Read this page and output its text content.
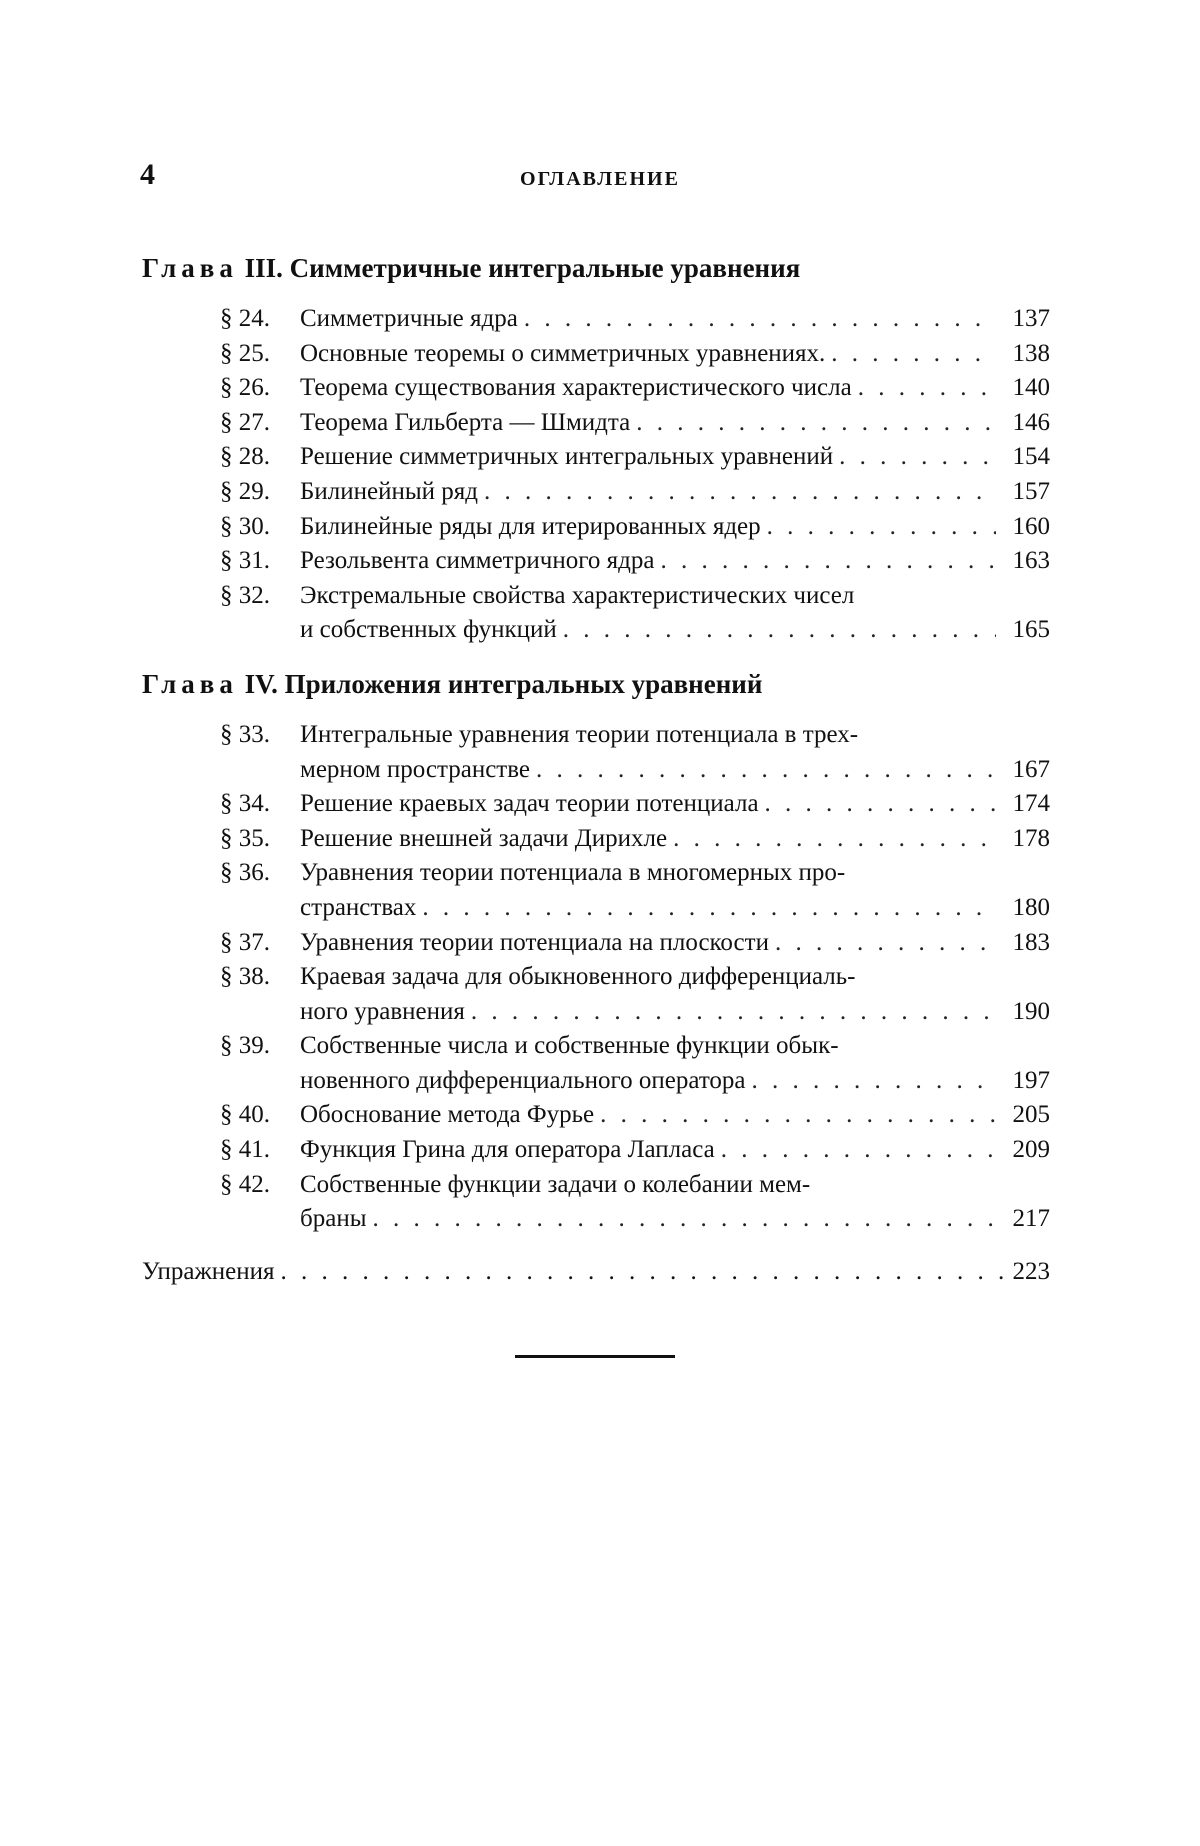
4	ОГЛАВЛЕНИЕ
Глава III. Симметричные интегральные уравнения
§ 24.	Симметричные ядра . . .	137
§ 25.	Основные теоремы о симметричных уравнениях. . . .	138
§ 26.	Теорема существования характеристического числа . . .	140
§ 27.	Теорема Гильберта — Шмидта . . .	146
§ 28.	Решение симметричных интегральных уравнений . . .	154
§ 29.	Билинейный ряд . . .	157
§ 30.	Билинейные ряды для итерированных ядер . . .	160
§ 31.	Резольвента симметричного ядра . . .	163
§ 32.	Экстремальные свойства характеристических чисел
и собственных функций . . .	165
Глава IV. Приложения интегральных уравнений
§ 33.	Интегральные уравнения теории потенциала в трех-
мерном пространстве . . .	167
§ 34.	Решение краевых задач теории потенциала . . .	174
§ 35.	Решение внешней задачи Дирихле . . .	178
§ 36.	Уравнения теории потенциала в многомерных про-
странствах . . .	180
§ 37.	Уравнения теории потенциала на плоскости . . .	183
§ 38.	Краевая задача для обыкновенного дифференциаль-
ного уравнения . . .	190
§ 39.	Собственные числа и собственные функции обык-
новенного дифференциального оператора . . .	197
§ 40.	Обоснование метода Фурье . . .	205
§ 41.	Функция Грина для оператора Лапласа . . .	209
§ 42.	Собственные функции задачи о колебании мем-
браны . . .	217
Упражнения . . .	223
